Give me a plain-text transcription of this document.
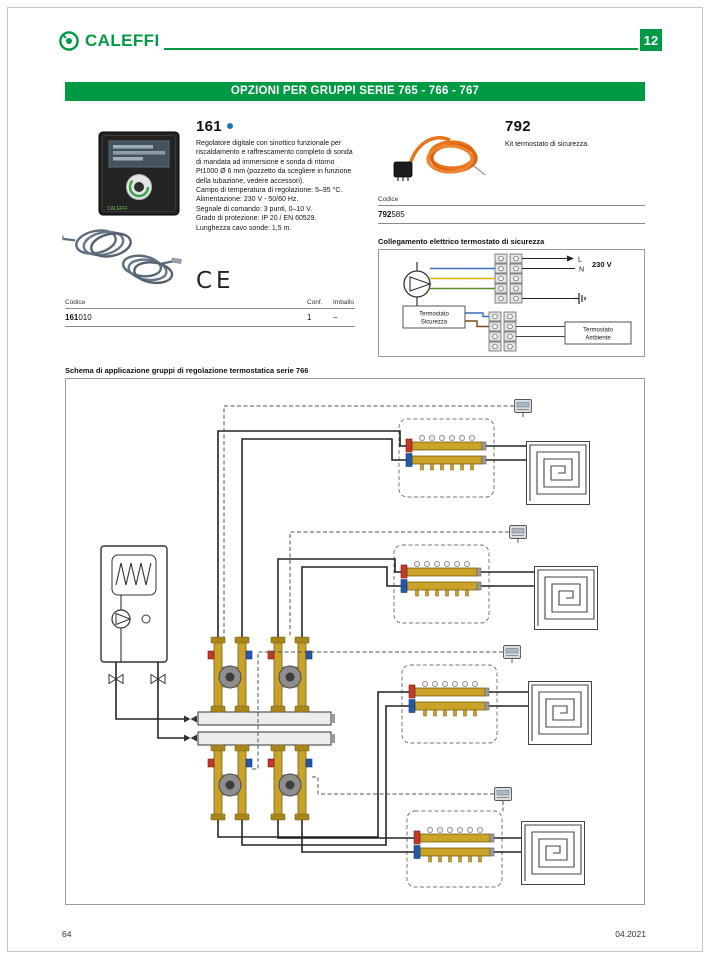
CALEFFI	12
OPZIONI PER GRUPPI SERIE 765 - 766 - 767
CALEFFI
161

Regolatore digitale con sinottico funzionale per riscaldamento e raffrescamento completo di sonda di mandata ad immersione e sonda di ritorno Pt1000 Ø 6 mm (pozzetto da scegliere in funzione della tubazione, vedere accessori).

Campo di temperatura di regolazione: 5–95 °C.

Alimentazione: 230 V - 50/60 Hz.

Segnale di comando: 3 punti, 0–10 V.

Grado di protezione: IP 20 / EN 60529.

Lunghezza cavo sonde: 1,5 m.

CE
Codice	Conf.	Imballo
161010	1	–
792
Kit termostato di sicurezza.
Codice
792585
Collegamento elettrico termostato di sicurezza
L
N
230 V
Termostato
Sicurezza
Termostato
Ambiente
Schema di applicazione gruppi di regolazione termostatica serie 766
64	04.2021
